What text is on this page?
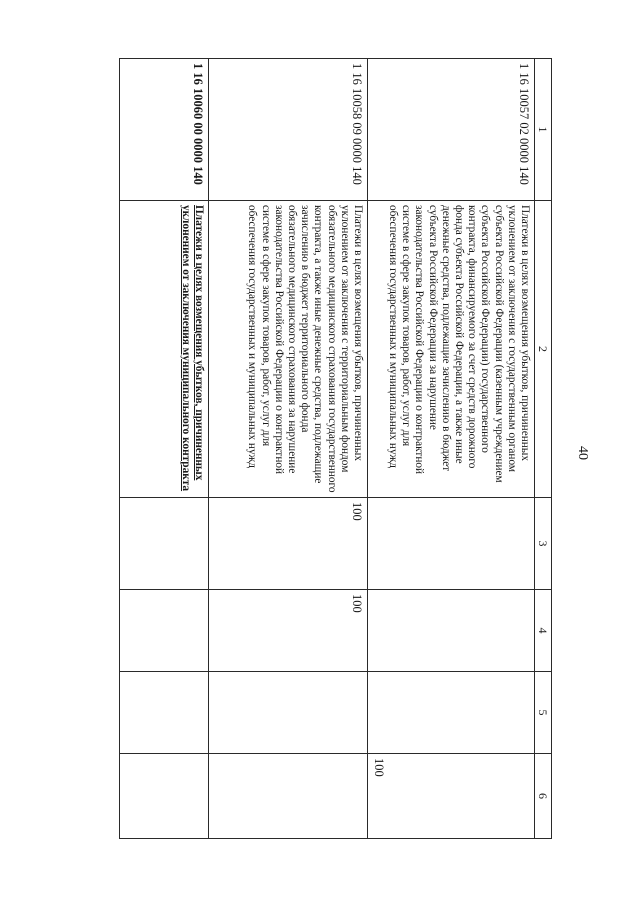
40
1	2	3	4	5	6
1 16 10057 02 0000 140	Платежи в целях возмещения убытков, причиненных уклонением от заключения с государственным органом субъекта Российской Федерации (казенным учреждением субъекта Российской Федерации) государственного контракта, финансируемого за счет средств дорожного фонда субъекта Российской Федерации, а также иные денежные средства, подлежащие зачислению в бюджет субъекта Российской Федерации за нарушение законодательства Российской Федерации о контрактной системе в сфере закупок товаров, работ, услуг для обеспечения государственных и муниципальных нужд				100
1 16 10058 09 0000 140	Платежи в целях возмещения убытков, причиненных уклонением от заключения с территориальным фондом обязательного медицинского страхования государственного контракта, а также иные денежные средства, подлежащие зачислению в бюджет территориального фонда обязательного медицинского страхования за нарушение законодательства Российской Федерации о контрактной системе в сфере закупок товаров, работ, услуг для обеспечения государственных и муниципальных нужд	100	100		
1 16 10060 00 0000 140	Платежи в целях возмещения убытков, причиненных уклонением от заключения муниципального контракта				
